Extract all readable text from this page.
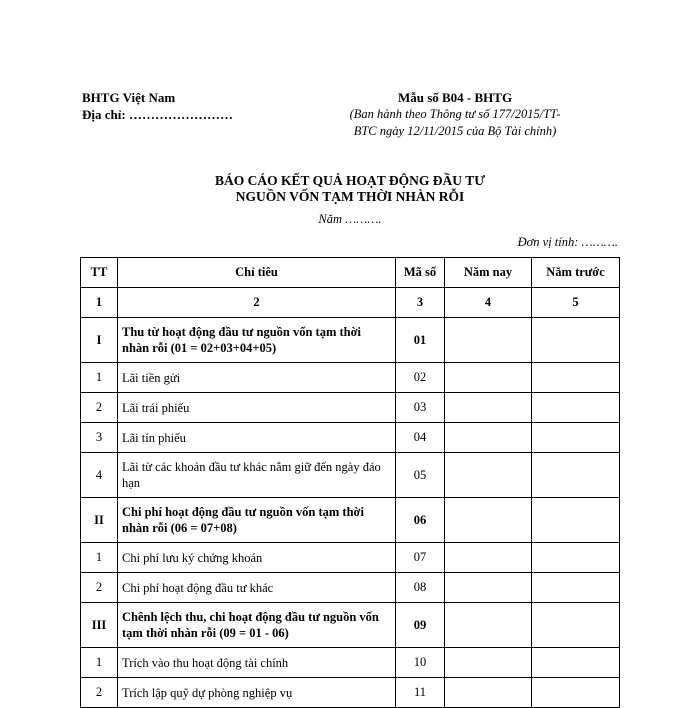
BHTG Việt Nam
Địa chỉ: ……………………
Mẫu số B04 - BHTG
(Ban hành theo Thông tư số 177/2015/TT-
BTC ngày 12/11/2015 của Bộ Tài chính)
BÁO CÁO KẾT QUẢ HOẠT ĐỘNG ĐẦU TƯ
NGUỒN VỐN TẠM THỜI NHÀN RỖI
Năm ……….
Đơn vị tính: ……….
TT	Chỉ tiêu	Mã số	Năm nay	Năm trước
1	2	3	4	5
I	Thu từ hoạt động đầu tư nguồn vốn tạm thời nhàn rỗi (01 = 02+03+04+05)	01		
1	Lãi tiền gửi	02		
2	Lãi trái phiếu	03		
3	Lãi tín phiếu	04		
4	Lãi từ các khoản đầu tư khác nắm giữ đến ngày đáo hạn	05		
II	Chi phí hoạt động đầu tư nguồn vốn tạm thời nhàn rỗi (06 = 07+08)	06		
1	Chi phí lưu ký chứng khoán	07		
2	Chi phí hoạt động đầu tư khác	08		
III	Chênh lệch thu, chi hoạt động đầu tư nguồn vốn tạm thời nhàn rỗi (09 = 01 - 06)	09		
1	Trích vào thu hoạt động tài chính	10		
2	Trích lập quỹ dự phòng nghiệp vụ	11		
